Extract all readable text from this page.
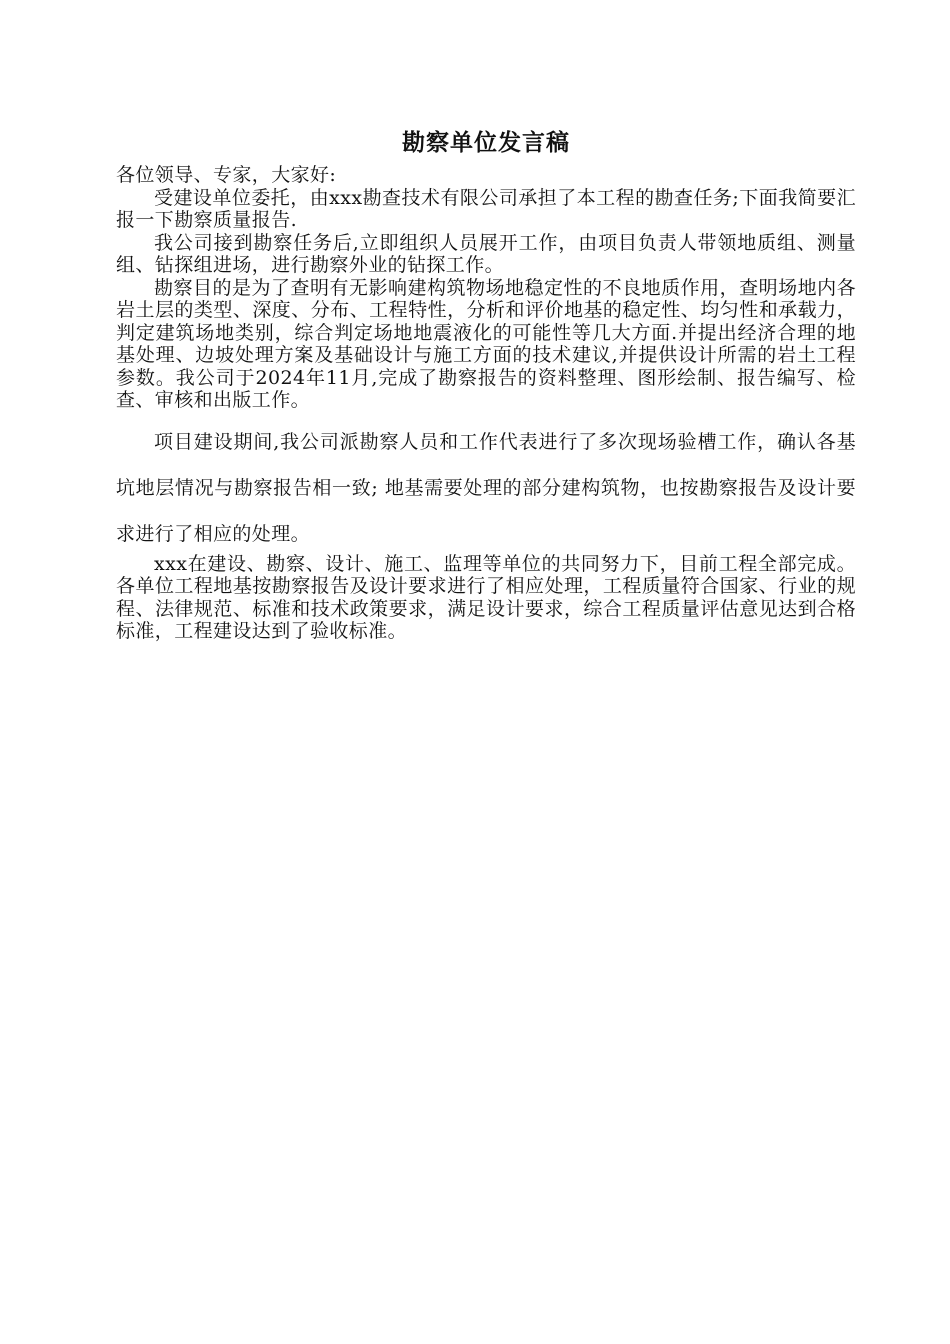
勘察单位发言稿

各位领导、专家，大家好:

受建设单位委托，由xxx勘查技术有限公司承担了本工程的勘查任务;下面我简要汇报一下勘察质量报告.

我公司接到勘察任务后,立即组织人员展开工作，由项目负责人带领地质组、测量组、钻探组进场，进行勘察外业的钻探工作。

勘察目的是为了查明有无影响建构筑物场地稳定性的不良地质作用，查明场地内各岩土层的类型、深度、分布、工程特性，分析和评价地基的稳定性、均匀性和承载力，判定建筑场地类别，综合判定场地地震液化的可能性等几大方面.并提出经济合理的地基处理、边坡处理方案及基础设计与施工方面的技术建议,并提供设计所需的岩土工程参数。我公司于2024年11月,完成了勘察报告的资料整理、图形绘制、报告编写、检查、审核和出版工作。

项目建设期间,我公司派勘察人员和工作代表进行了多次现场验槽工作，确认各基坑地层情况与勘察报告相一致; 地基需要处理的部分建构筑物，也按勘察报告及设计要求进行了相应的处理。

xxx在建设、勘察、设计、施工、监理等单位的共同努力下，目前工程全部完成。各单位工程地基按勘察报告及设计要求进行了相应处理，工程质量符合国家、行业的规程、法律规范、标准和技术政策要求，满足设计要求，综合工程质量评估意见达到合格标准，工程建设达到了验收标准。
